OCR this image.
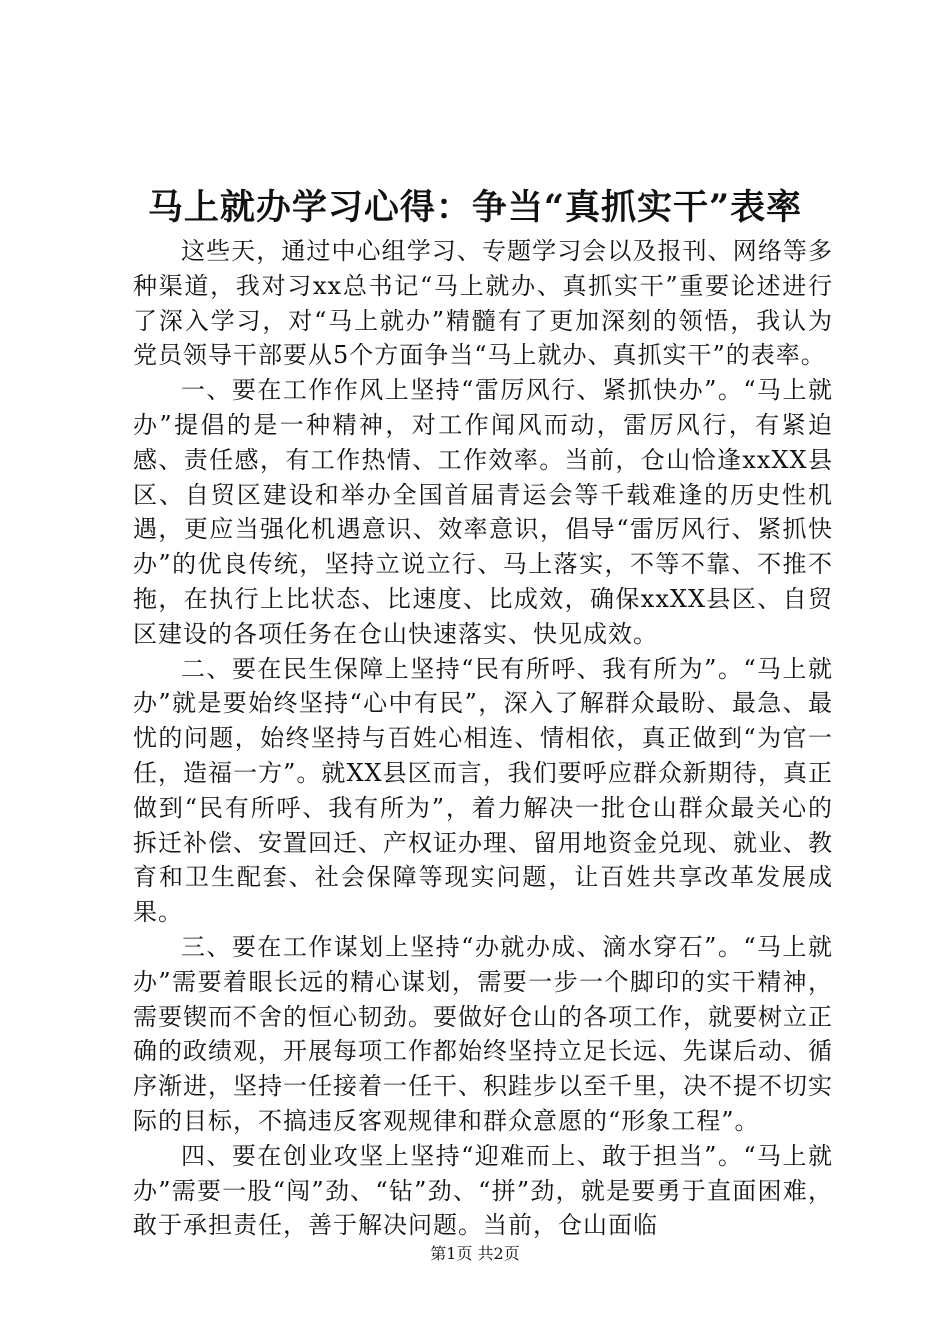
马上就办学习心得：争当“真抓实干”表率

这些天，通过中心组学习、专题学习会以及报刊、网络等多种渠道，我对习xx总书记“马上就办、真抓实干”重要论述进行了深入学习，对“马上就办”精髓有了更加深刻的领悟，我认为党员领导干部要从5个方面争当“马上就办、真抓实干”的表率。

一、要在工作作风上坚持“雷厉风行、紧抓快办”。“马上就办”提倡的是一种精神，对工作闻风而动，雷厉风行，有紧迫感、责任感，有工作热情、工作效率。当前，仓山恰逢xxXX县区、自贸区建设和举办全国首届青运会等千载难逢的历史性机遇，更应当强化机遇意识、效率意识，倡导“雷厉风行、紧抓快办”的优良传统，坚持立说立行、马上落实，不等不靠、不推不拖，在执行上比状态、比速度、比成效，确保xxXX县区、自贸区建设的各项任务在仓山快速落实、快见成效。

二、要在民生保障上坚持“民有所呼、我有所为”。“马上就办”就是要始终坚持“心中有民”，深入了解群众最盼、最急、最忧的问题，始终坚持与百姓心相连、情相依，真正做到“为官一任，造福一方”。就XX县区而言，我们要呼应群众新期待，真正做到“民有所呼、我有所为”，着力解决一批仓山群众最关心的拆迁补偿、安置回迁、产权证办理、留用地资金兑现、就业、教育和卫生配套、社会保障等现实问题，让百姓共享改革发展成果。

三、要在工作谋划上坚持“办就办成、滴水穿石”。“马上就办”需要着眼长远的精心谋划，需要一步一个脚印的实干精神，需要锲而不舍的恒心韧劲。要做好仓山的各项工作，就要树立正确的政绩观，开展每项工作都始终坚持立足长远、先谋后动、循序渐进，坚持一任接着一任干、积跬步以至千里，决不提不切实际的目标，不搞违反客观规律和群众意愿的“形象工程”。

四、要在创业攻坚上坚持“迎难而上、敢于担当”。“马上就办”需要一股“闯”劲、“钻”劲、“拼”劲，就是要勇于直面困难，敢于承担责任，善于解决问题。当前，仓山面临

第1页 共2页
